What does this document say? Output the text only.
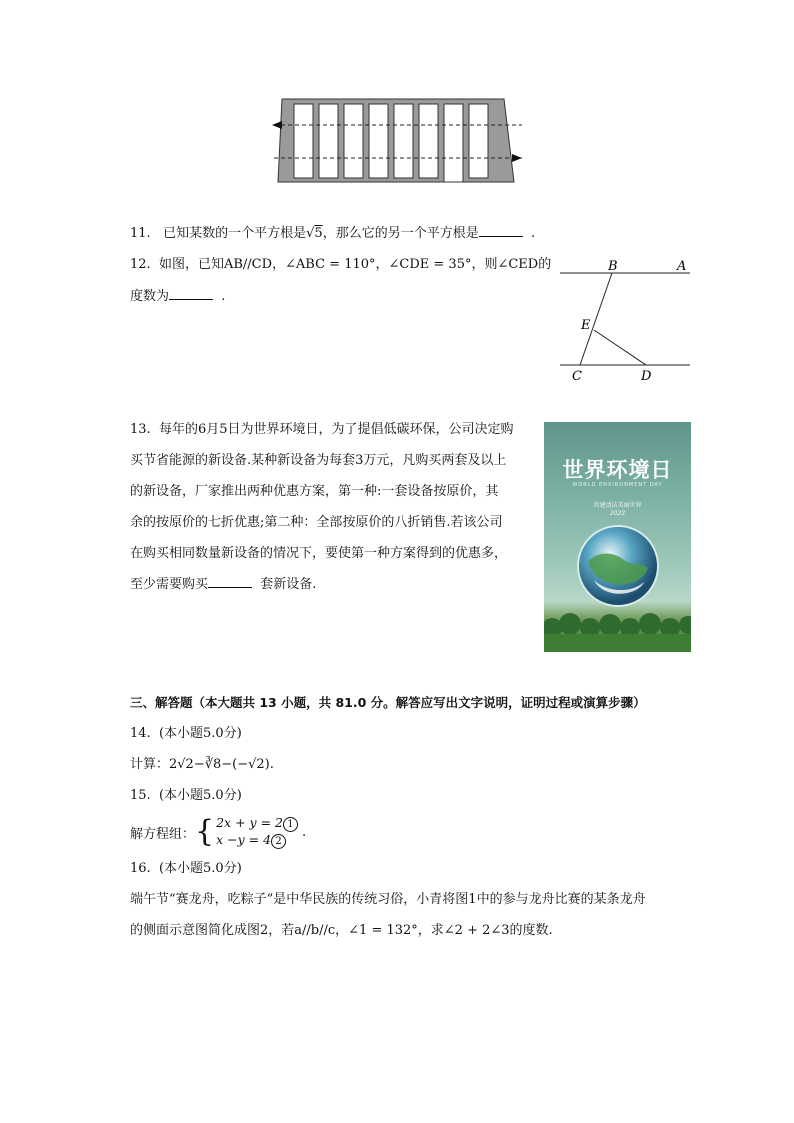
11. 已知某数的一个平方根是√5，那么它的另一个平方根是	.
12. 如图，已知AB//CD，∠ABC = 110°，∠CDE = 35°，则∠CED的
度数为	.
B	A
E
C	D
13. 每年的6月5日为世界环境日，为了提倡低碳环保，公司决定购
买节省能源的新设备.某种新设备为每套3万元，凡购买两套及以上
的新设备，厂家推出两种优惠方案，第一种:一套设备按原价，其
余的按原价的七折优惠;第二种：全部按原价的八折销售.若该公司
在购买相同数量新设备的情况下，要使第一种方案得到的优惠多，
至少需要购买	套新设备.
世界环境日
WORLD ENVIRONMENT DAY
共建清洁美丽世界
2022
三、解答题（本大题共 13 小题，共 81.0 分。解答应写出文字说明，证明过程或演算步骤）
14. (本小题5.0分)
计算：2√2−∛8−(−√2).
15. (本小题5.0分)
解方程组： { 2x + y = 2 1
x −y = 4 2
.
16. (本小题5.0分)
端午节“赛龙舟，吃粽子”是中华民族的传统习俗，小青将图1中的参与龙舟比赛的某条龙舟
的侧面示意图简化成图2，若a//b//c，∠1 = 132°，求∠2 + 2∠3的度数.
